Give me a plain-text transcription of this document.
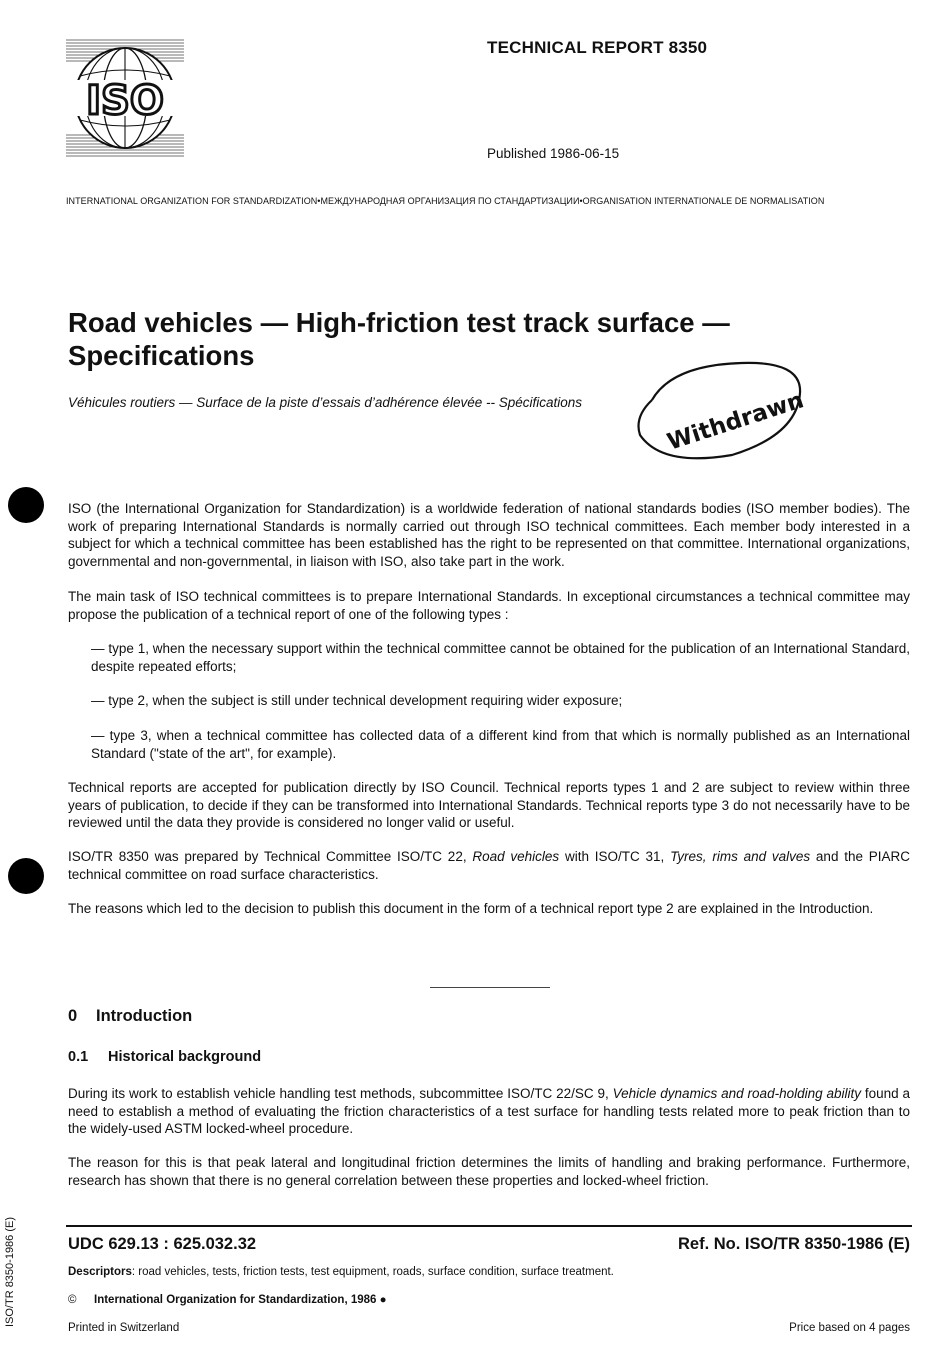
ISO
TECHNICAL REPORT 8350
Published 1986-06-15
INTERNATIONAL ORGANIZATION FOR STANDARDIZATION•МЕЖДУНАРОДНАЯ ОРГАНИЗАЦИЯ ПО СТАНДАРТИЗАЦИИ•ORGANISATION INTERNATIONALE DE NORMALISATION
Road vehicles — High-friction test track surface —
Specifications
Véhicules routiers — Surface de la piste d’essais d’adhérence élevée -- Spécifications	Withdrawn

ISO (the International Organization for Standardization) is a worldwide federation of national standards bodies (ISO member bodies). The work of preparing International Standards is normally carried out through ISO technical committees. Each member body interested in a subject for which a technical committee has been established has the right to be represented on that committee. International organizations, governmental and non-governmental, in liaison with ISO, also take part in the work.

The main task of ISO technical committees is to prepare International Standards. In exceptional circumstances a technical committee may propose the publication of a technical report of one of the following types :

— type 1, when the necessary support within the technical committee cannot be obtained for the publication of an International Standard, despite repeated efforts;

— type 2, when the subject is still under technical development requiring wider exposure;

— type 3, when a technical committee has collected data of a different kind from that which is normally published as an International Standard ("state of the art", for example).

Technical reports are accepted for publication directly by ISO Council. Technical reports types 1 and 2 are subject to review within three years of publication, to decide if they can be transformed into International Standards. Technical reports type 3 do not necessarily have to be reviewed until the data they provide is considered no longer valid or useful.

ISO/TR 8350 was prepared by Technical Committee ISO/TC 22, Road vehicles with ISO/TC 31, Tyres, rims and valves and the PIARC technical committee on road surface characteristics.

The reasons which led to the decision to publish this document in the form of a technical report type 2 are explained in the Introduction.

0 Introduction
0.1 Historical background

During its work to establish vehicle handling test methods, subcommittee ISO/TC 22/SC 9, Vehicle dynamics and road-holding ability found a need to establish a method of evaluating the friction characteristics of a test surface for handling tests related more to peak friction than to the widely-used ASTM locked-wheel procedure.

The reason for this is that peak lateral and longitudinal friction determines the limits of handling and braking performance. Furthermore, research has shown that there is no general correlation between these properties and locked-wheel friction.

ISO/TR 8350-1986 (E)	UDC 629.13 : 625.032.32	Ref. No. ISO/TR 8350-1986 (E)
Descriptors: road vehicles, tests, friction tests, test equipment, roads, surface condition, surface treatment.
© International Organization for Standardization, 1986 ●
Printed in Switzerland	Price based on 4 pages
